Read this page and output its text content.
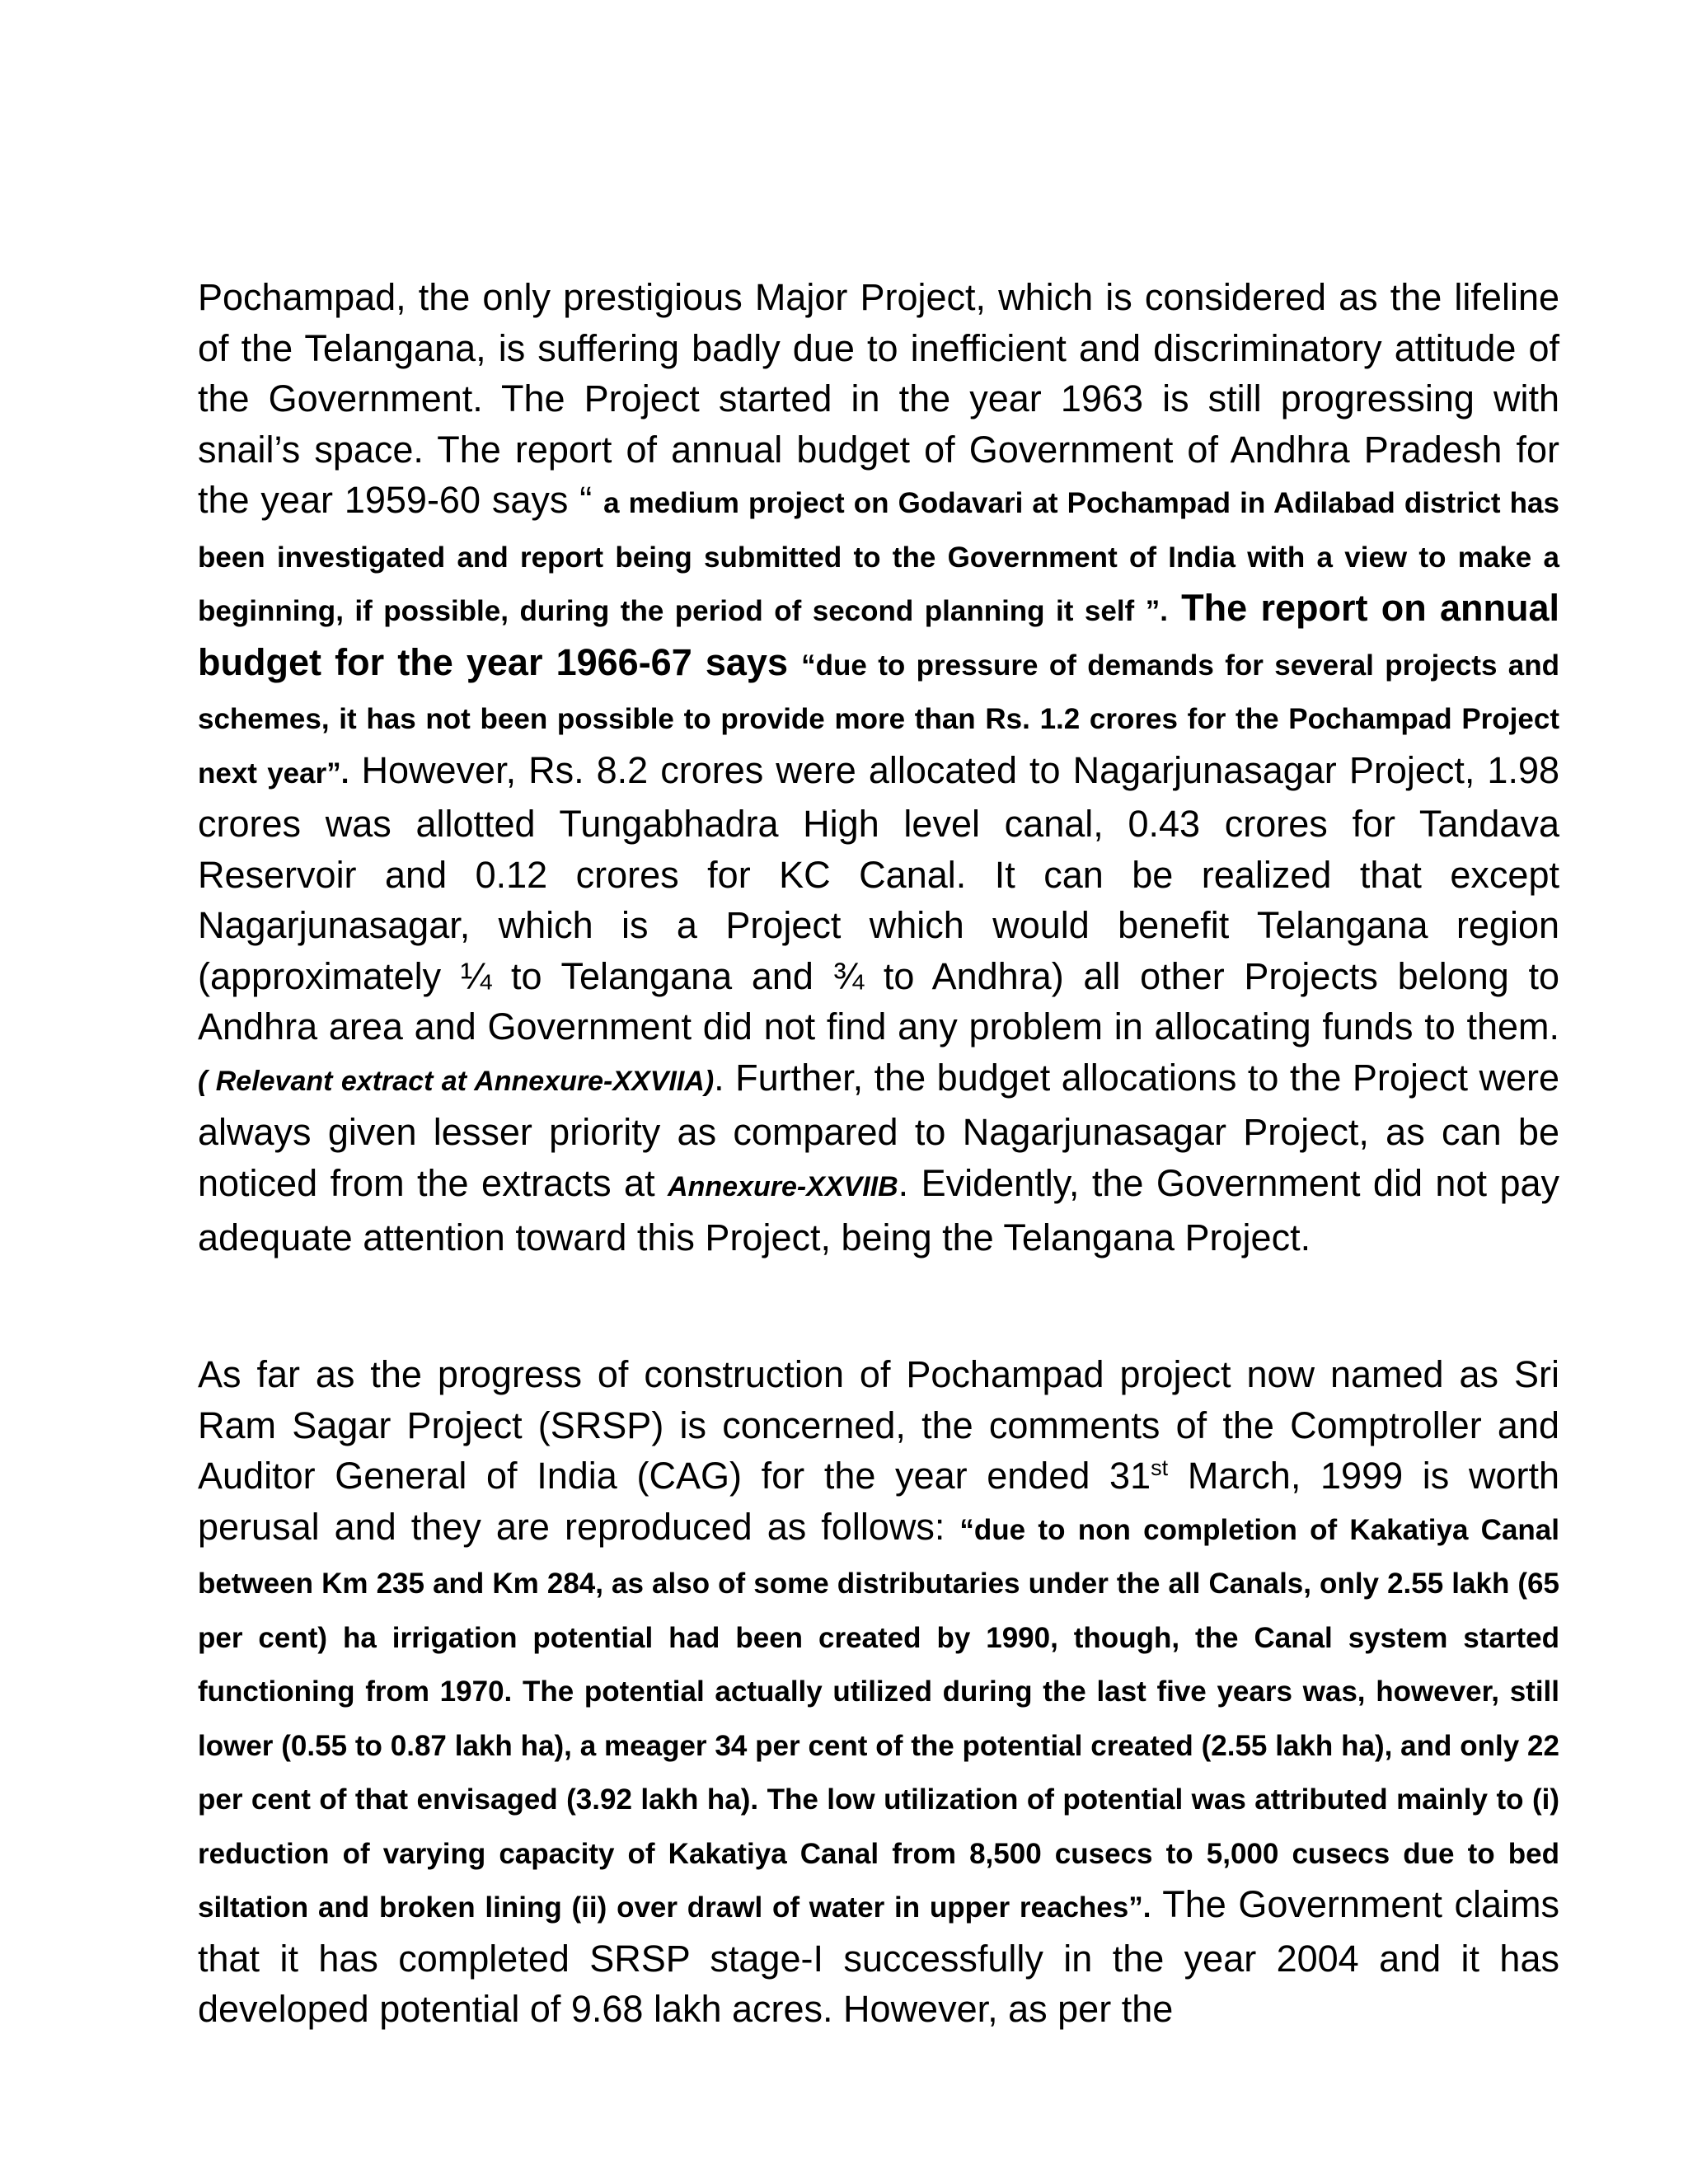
Pochampad, the only prestigious Major Project, which is considered as the lifeline of the Telangana, is suffering badly due to inefficient and discriminatory attitude of the Government. The Project started in the year 1963 is still progressing with snail’s space. The report of annual budget of Government of Andhra Pradesh for the year 1959-60 says “ a medium project on Godavari at Pochampad in Adilabad district has been investigated and report being submitted to the Government of India with a view to make a beginning, if possible, during the period of second planning it self ”. The report on annual budget for the year 1966-67 says “due to pressure of demands for several projects and schemes, it has not been possible to provide more than Rs. 1.2 crores for the Pochampad Project next year”. However, Rs. 8.2 crores were allocated to Nagarjunasagar Project, 1.98 crores was allotted Tungabhadra High level canal, 0.43 crores for Tandava Reservoir and 0.12 crores for KC Canal. It can be realized that except Nagarjunasagar, which is a Project which would benefit Telangana region (approximately ¼ to Telangana and ¾ to Andhra) all other Projects belong to Andhra area and Government did not find any problem in allocating funds to them. ( Relevant extract at Annexure-XXVIIA). Further, the budget allocations to the Project were always given lesser priority as compared to Nagarjunasagar Project, as can be noticed from the extracts at Annexure-XXVIIB. Evidently, the Government did not pay adequate attention toward this Project, being the Telangana Project.

As far as the progress of construction of Pochampad project now named as Sri Ram Sagar Project (SRSP) is concerned, the comments of the Comptroller and Auditor General of India (CAG) for the year ended 31st March, 1999 is worth perusal and they are reproduced as follows: “due to non completion of Kakatiya Canal between Km 235 and Km 284, as also of some distributaries under the all Canals, only 2.55 lakh (65 per cent) ha irrigation potential had been created by 1990, though, the Canal system started functioning from 1970. The potential actually utilized during the last five years was, however, still lower (0.55 to 0.87 lakh ha), a meager 34 per cent of the potential created (2.55 lakh ha), and only 22 per cent of that envisaged (3.92 lakh ha). The low utilization of potential was attributed mainly to (i) reduction of varying capacity of Kakatiya Canal from 8,500 cusecs to 5,000 cusecs due to bed siltation and broken lining (ii) over drawl of water in upper reaches”. The Government claims that it has completed SRSP stage-I successfully in the year 2004 and it has developed potential of 9.68 lakh acres. However, as per the
